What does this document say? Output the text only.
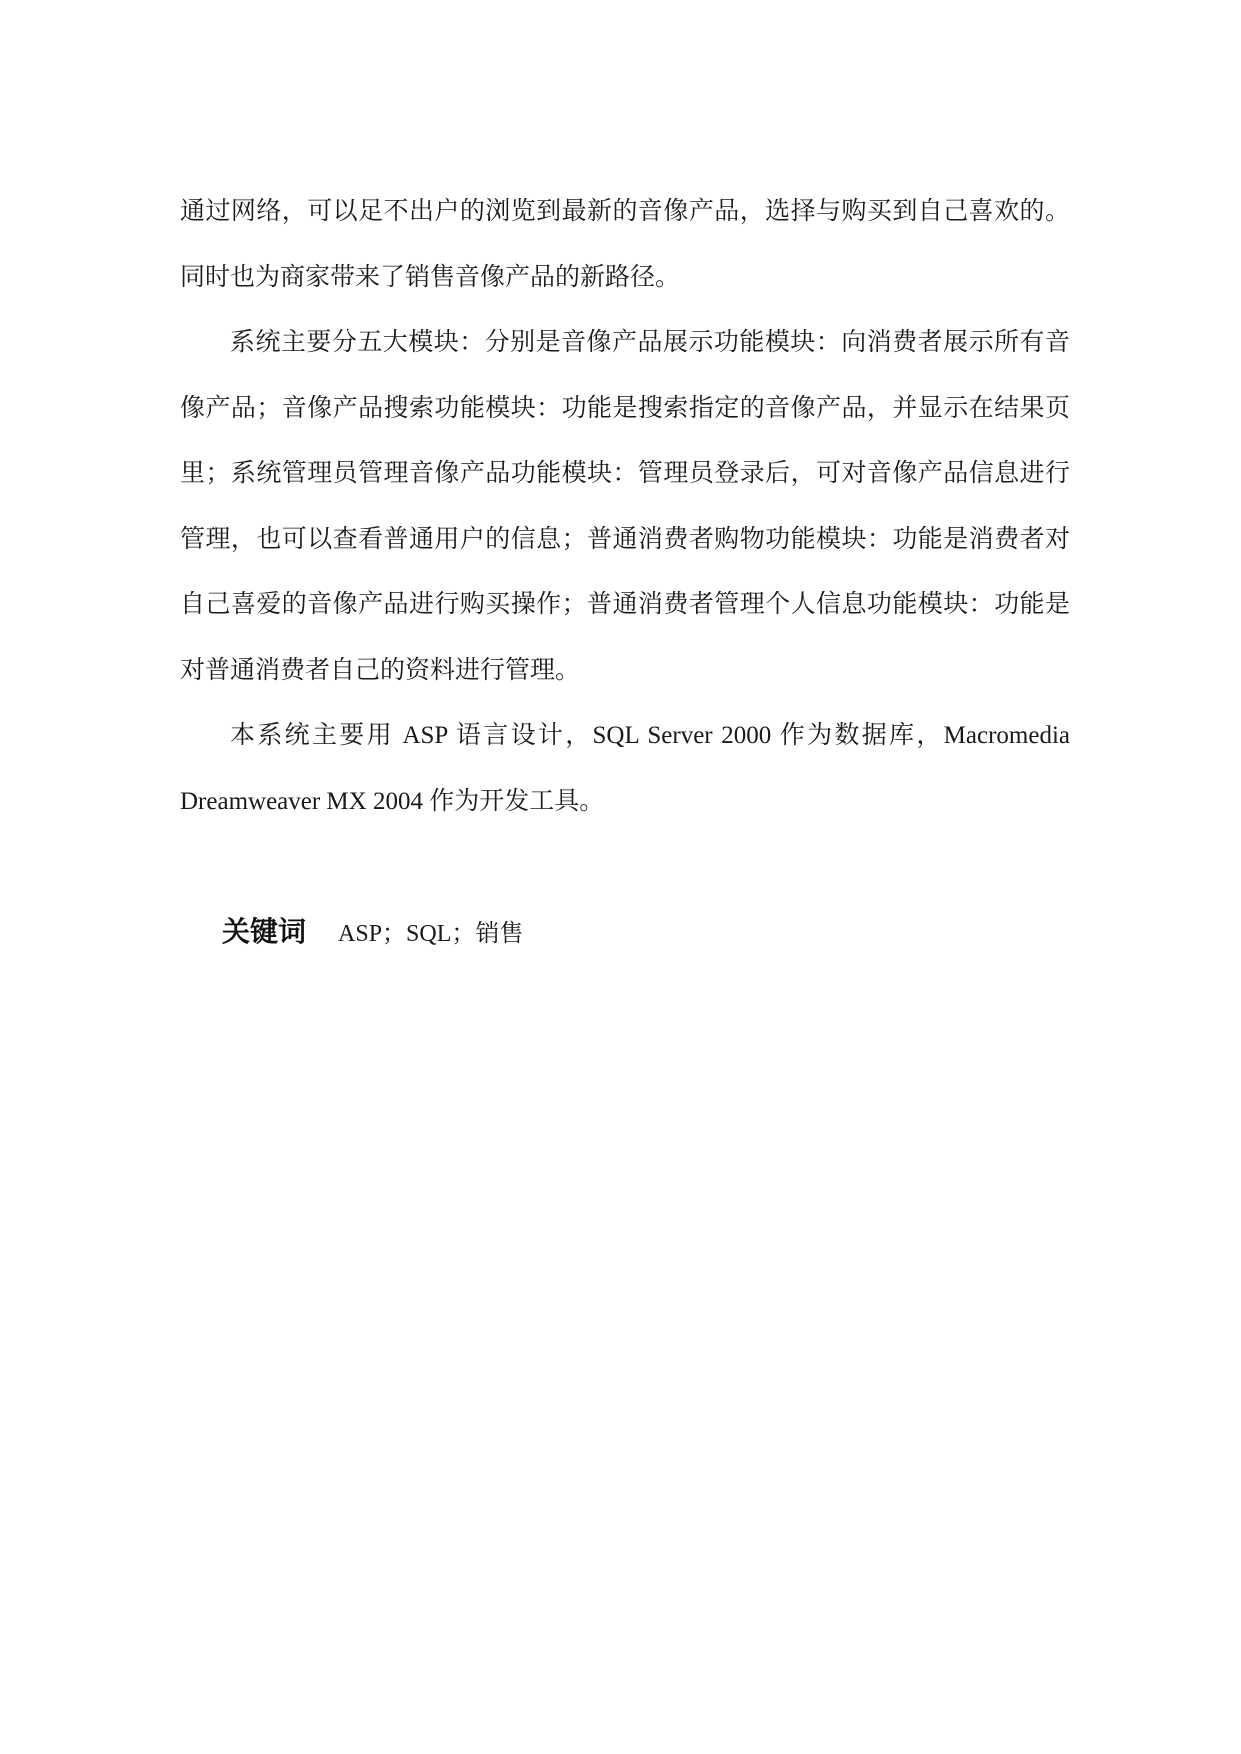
通过网络，可以足不出户的浏览到最新的音像产品，选择与购买到自己喜欢的。
同时也为商家带来了销售音像产品的新路径。
系统主要分五大模块：分别是音像产品展示功能模块：向消费者展示所有音
像产品；音像产品搜索功能模块：功能是搜索指定的音像产品，并显示在结果页
里；系统管理员管理音像产品功能模块：管理员登录后，可对音像产品信息进行
管理，也可以查看普通用户的信息；普通消费者购物功能模块：功能是消费者对
自己喜爱的音像产品进行购买操作；普通消费者管理个人信息功能模块：功能是
对普通消费者自己的资料进行管理。
本系统主要用 ASP 语言设计，SQL Server 2000 作为数据库，Macromedia
Dreamweaver MX 2004 作为开发工具。
关键词 ASP；SQL；销售
